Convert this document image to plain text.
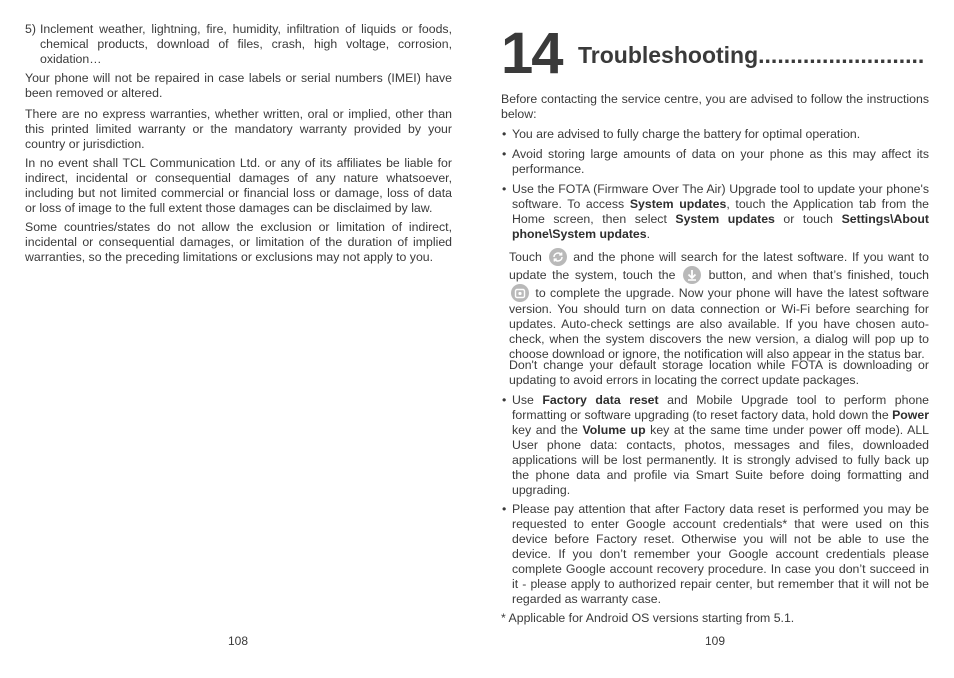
5) Inclement weather, lightning, fire, humidity, infiltration of liquids or foods, chemical products, download of files, crash, high voltage, corrosion, oxidation…

Your phone will not be repaired in case labels or serial numbers (IMEI) have been removed or altered.

There are no express warranties, whether written, oral or implied, other than this printed limited warranty or the mandatory warranty provided by your country or jurisdiction.

In no event shall TCL Communication Ltd. or any of its affiliates be liable for indirect, incidental or consequential damages of any nature whatsoever, including but not limited commercial or financial loss or damage, loss of data or loss of image to the full extent those damages can be disclaimed by law.

Some countries/states do not allow the exclusion or limitation of indirect, incidental or consequential damages, or limitation of the duration of implied warranties, so the preceding limitations or exclusions may not apply to you.

108
14 Troubleshooting..........................

Before contacting the service centre, you are advised to follow the instructions below:

• You are advised to fully charge the battery for optimal operation.

• Avoid storing large amounts of data on your phone as this may affect its performance.

• Use the FOTA (Firmware Over The Air) Upgrade tool to update your phone's software. To access System updates, touch the Application tab from the Home screen, then select System updates or touch Settings\About phone\System updates.

Touch
and the phone will search for the latest software. If you want to update the system, touch the
button, and when that’s finished, touch
to complete the upgrade. Now your phone will have the latest software version. You should turn on data connection or Wi-Fi before searching for updates. Auto-check settings are also available. If you have chosen auto-check, when the system discovers the new version, a dialog will pop up to choose download or ignore, the notification will also appear in the status bar.

Don't change your default storage location while FOTA is downloading or updating to avoid errors in locating the correct update packages.

• Use Factory data reset and Mobile Upgrade tool to perform phone formatting or software upgrading (to reset factory data, hold down the Power key and the Volume up key at the same time under power off mode). ALL User phone data: contacts, photos, messages and files, downloaded applications will be lost permanently. It is strongly advised to fully back up the phone data and profile via Smart Suite before doing formatting and upgrading.

• Please pay attention that after Factory data reset is performed you may be requested to enter Google account credentials* that were used on this device before Factory reset. Otherwise you will not be able to use the device. If you don’t remember your Google account credentials please complete Google account recovery procedure. In case you don’t succeed in it - please apply to authorized repair center, but remember that it will not be regarded as warranty case.

* Applicable for Android OS versions starting from 5.1.

109
